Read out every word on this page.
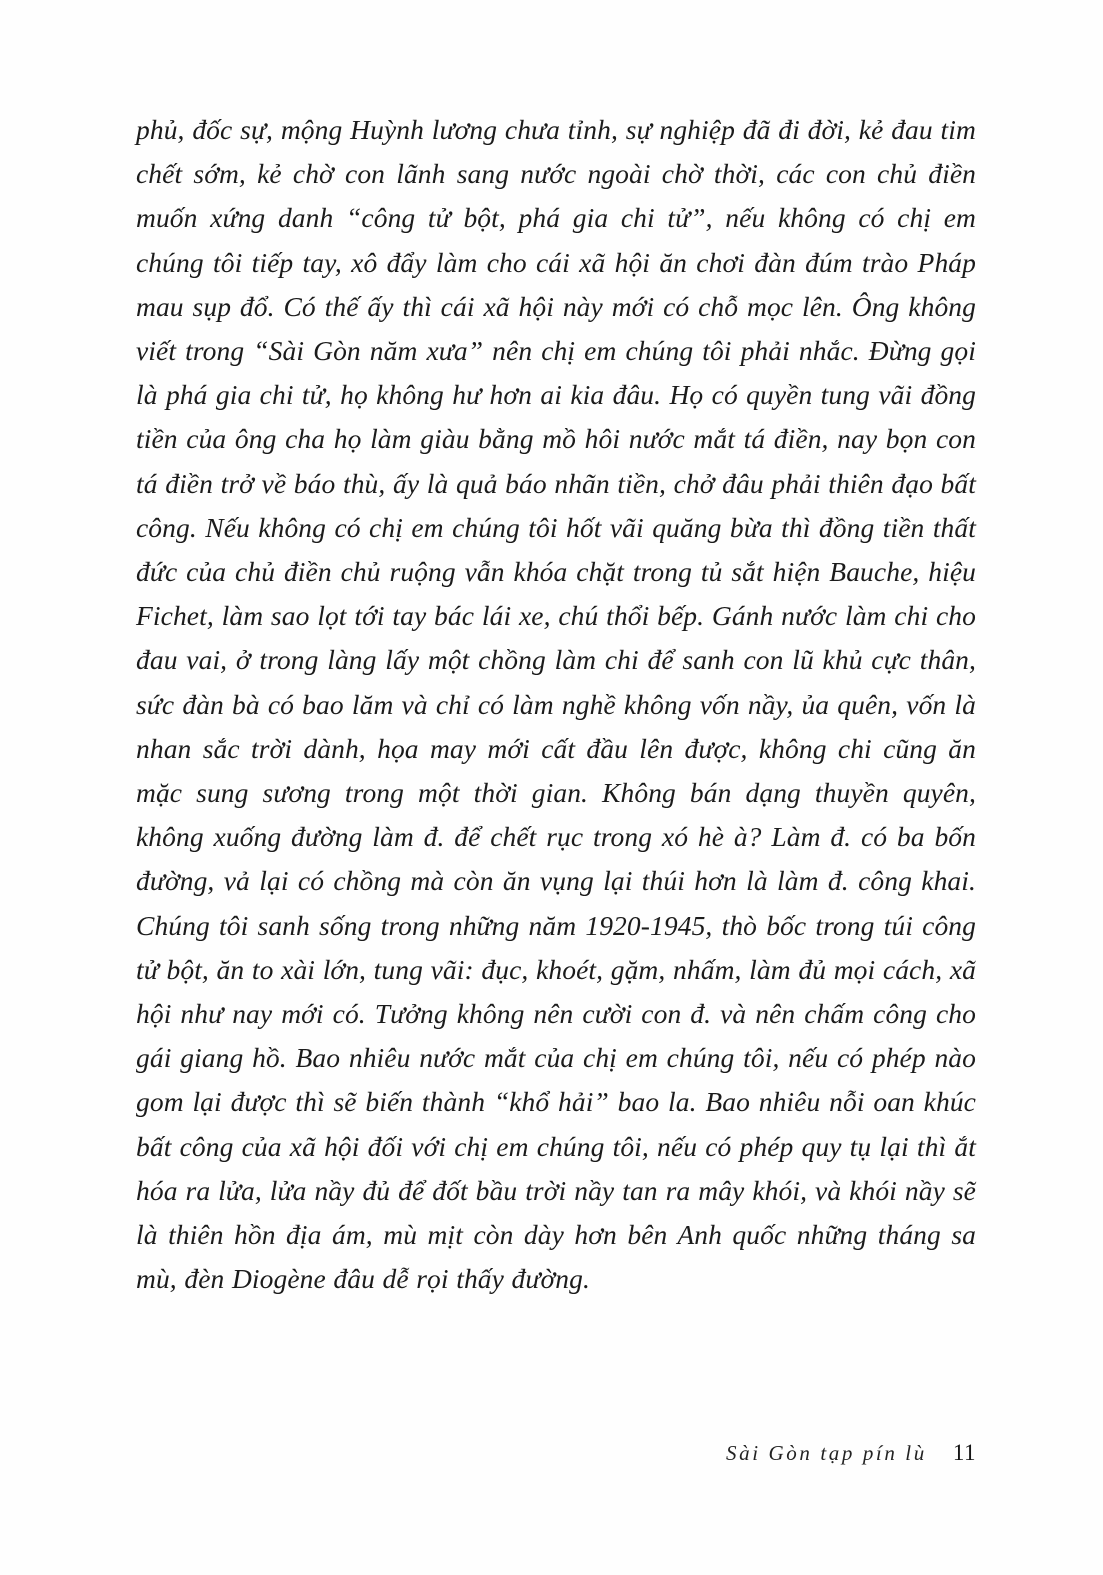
phủ, đốc sự, mộng Huỳnh lương chưa tỉnh, sự nghiệp đã đi đời, kẻ đau tim chết sớm, kẻ chờ con lãnh sang nước ngoài chờ thời, các con chủ điền muốn xứng danh “công tử bột, phá gia chi tử”, nếu không có chị em chúng tôi tiếp tay, xô đẩy làm cho cái xã hội ăn chơi đàn đúm trào Pháp mau sụp đổ. Có thế ấy thì cái xã hội này mới có chỗ mọc lên. Ông không viết trong “Sài Gòn năm xưa” nên chị em chúng tôi phải nhắc. Đừng gọi là phá gia chi tử, họ không hư hơn ai kia đâu. Họ có quyền tung vãi đồng tiền của ông cha họ làm giàu bằng mồ hôi nước mắt tá điền, nay bọn con tá điền trở về báo thù, ấy là quả báo nhãn tiền, chở đâu phải thiên đạo bất công. Nếu không có chị em chúng tôi hốt vãi quăng bừa thì đồng tiền thất đức của chủ điền chủ ruộng vẫn khóa chặt trong tủ sắt hiện Bauche, hiệu Fichet, làm sao lọt tới tay bác lái xe, chú thổi bếp. Gánh nước làm chi cho đau vai, ở trong làng lấy một chồng làm chi để sanh con lũ khủ cực thân, sức đàn bà có bao lăm và chỉ có làm nghề không vốn nầy, ủa quên, vốn là nhan sắc trời dành, họa may mới cất đầu lên được, không chi cũng ăn mặc sung sương trong một thời gian. Không bán dạng thuyền quyên, không xuống đường làm đ. để chết rục trong xó hè à? Làm đ. có ba bốn đường, vả lại có chồng mà còn ăn vụng lại thúi hơn là làm đ. công khai. Chúng tôi sanh sống trong những năm 1920-1945, thò bốc trong túi công tử bột, ăn to xài lớn, tung vãi: đục, khoét, gặm, nhấm, làm đủ mọi cách, xã hội như nay mới có. Tưởng không nên cười con đ. và nên chấm công cho gái giang hồ. Bao nhiêu nước mắt của chị em chúng tôi, nếu có phép nào gom lại được thì sẽ biến thành “khổ hải” bao la. Bao nhiêu nỗi oan khúc bất công của xã hội đối với chị em chúng tôi, nếu có phép quy tụ lại thì ắt hóa ra lửa, lửa nầy đủ để đốt bầu trời nầy tan ra mây khói, và khói nầy sẽ là thiên hồn địa ám, mù mịt còn dày hơn bên Anh quốc những tháng sa mù, đèn Diogène đâu dễ rọi thấy đường.

Sài Gòn tạp pín lù 11
